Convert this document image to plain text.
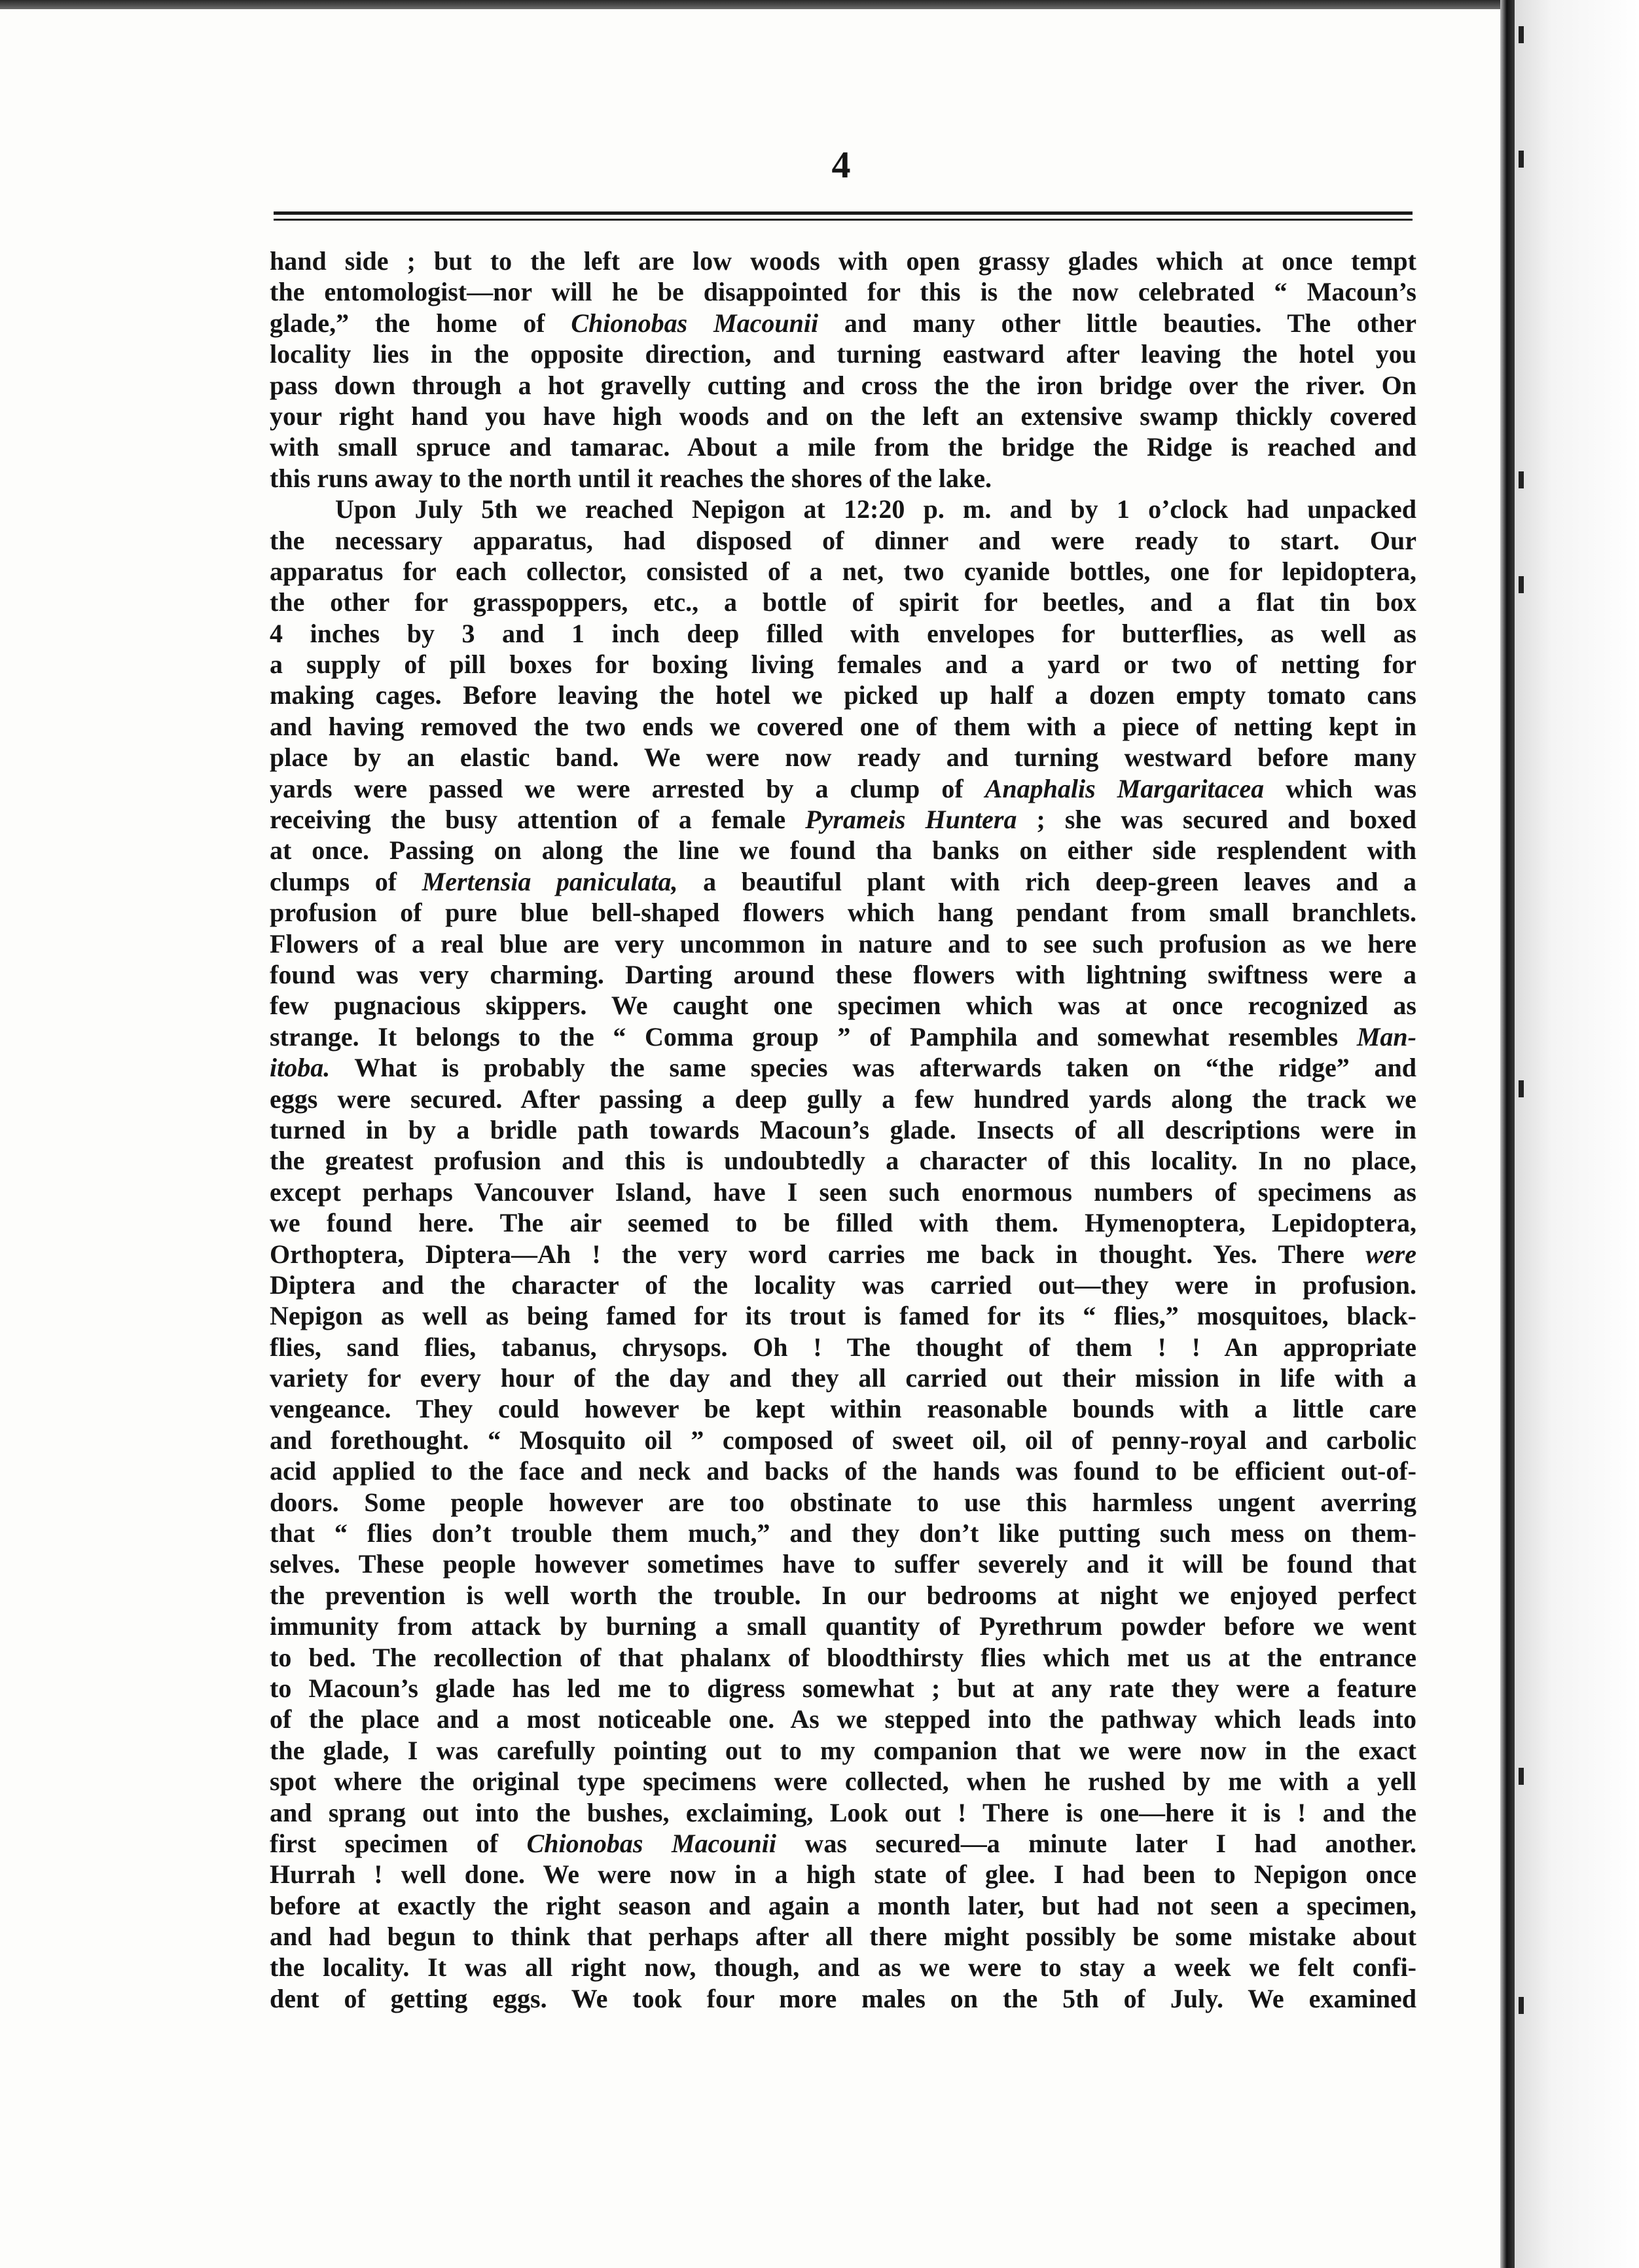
4
hand side ; but to the left are low woods with open grassy glades which at once tempt
the entomologist—nor will he be disappointed for this is the now celebrated “ Macoun’s
glade,” the home of Chionobas Macounii and many other little beauties. The other
locality lies in the opposite direction, and turning eastward after leaving the hotel you
pass down through a hot gravelly cutting and cross the the iron bridge over the river. On
your right hand you have high woods and on the left an extensive swamp thickly covered
with small spruce and tamarac. About a mile from the bridge the Ridge is reached and
this runs away to the north until it reaches the shores of the lake.
Upon July 5th we reached Nepigon at 12:20 p. m. and by 1 o’clock had unpacked
the necessary apparatus, had disposed of dinner and were ready to start. Our
apparatus for each collector, consisted of a net, two cyanide bottles, one for lepidoptera,
the other for grasspoppers, etc., a bottle of spirit for beetles, and a flat tin box
4 inches by 3 and 1 inch deep filled with envelopes for butterflies, as well as
a supply of pill boxes for boxing living females and a yard or two of netting for
making cages. Before leaving the hotel we picked up half a dozen empty tomato cans
and having removed the two ends we covered one of them with a piece of netting kept in
place by an elastic band. We were now ready and turning westward before many
yards were passed we were arrested by a clump of Anaphalis Margaritacea which was
receiving the busy attention of a female Pyrameis Huntera ; she was secured and boxed
at once. Passing on along the line we found tha banks on either side resplendent with
clumps of Mertensia paniculata, a beautiful plant with rich deep-green leaves and a
profusion of pure blue bell-shaped flowers which hang pendant from small branchlets.
Flowers of a real blue are very uncommon in nature and to see such profusion as we here
found was very charming. Darting around these flowers with lightning swiftness were a
few pugnacious skippers. We caught one specimen which was at once recognized as
strange. It belongs to the “ Comma group ” of Pamphila and somewhat resembles Man-
itoba. What is probably the same species was afterwards taken on “the ridge” and
eggs were secured. After passing a deep gully a few hundred yards along the track we
turned in by a bridle path towards Macoun’s glade. Insects of all descriptions were in
the greatest profusion and this is undoubtedly a character of this locality. In no place,
except perhaps Vancouver Island, have I seen such enormous numbers of specimens as
we found here. The air seemed to be filled with them. Hymenoptera, Lepidoptera,
Orthoptera, Diptera—Ah ! the very word carries me back in thought. Yes. There were
Diptera and the character of the locality was carried out—they were in profusion.
Nepigon as well as being famed for its trout is famed for its “ flies,” mosquitoes, black-
flies, sand flies, tabanus, chrysops. Oh ! The thought of them ! ! An appropriate
variety for every hour of the day and they all carried out their mission in life with a
vengeance. They could however be kept within reasonable bounds with a little care
and forethought. “ Mosquito oil ” composed of sweet oil, oil of penny-royal and carbolic
acid applied to the face and neck and backs of the hands was found to be efficient out-of-
doors. Some people however are too obstinate to use this harmless ungent averring
that “ flies don’t trouble them much,” and they don’t like putting such mess on them-
selves. These people however sometimes have to suffer severely and it will be found that
the prevention is well worth the trouble. In our bedrooms at night we enjoyed perfect
immunity from attack by burning a small quantity of Pyrethrum powder before we went
to bed. The recollection of that phalanx of bloodthirsty flies which met us at the entrance
to Macoun’s glade has led me to digress somewhat ; but at any rate they were a feature
of the place and a most noticeable one. As we stepped into the pathway which leads into
the glade, I was carefully pointing out to my companion that we were now in the exact
spot where the original type specimens were collected, when he rushed by me with a yell
and sprang out into the bushes, exclaiming, Look out ! There is one—here it is ! and the
first specimen of Chionobas Macounii was secured—a minute later I had another.
Hurrah ! well done. We were now in a high state of glee. I had been to Nepigon once
before at exactly the right season and again a month later, but had not seen a specimen,
and had begun to think that perhaps after all there might possibly be some mistake about
the locality. It was all right now, though, and as we were to stay a week we felt confi-
dent of getting eggs. We took four more males on the 5th of July. We examined
